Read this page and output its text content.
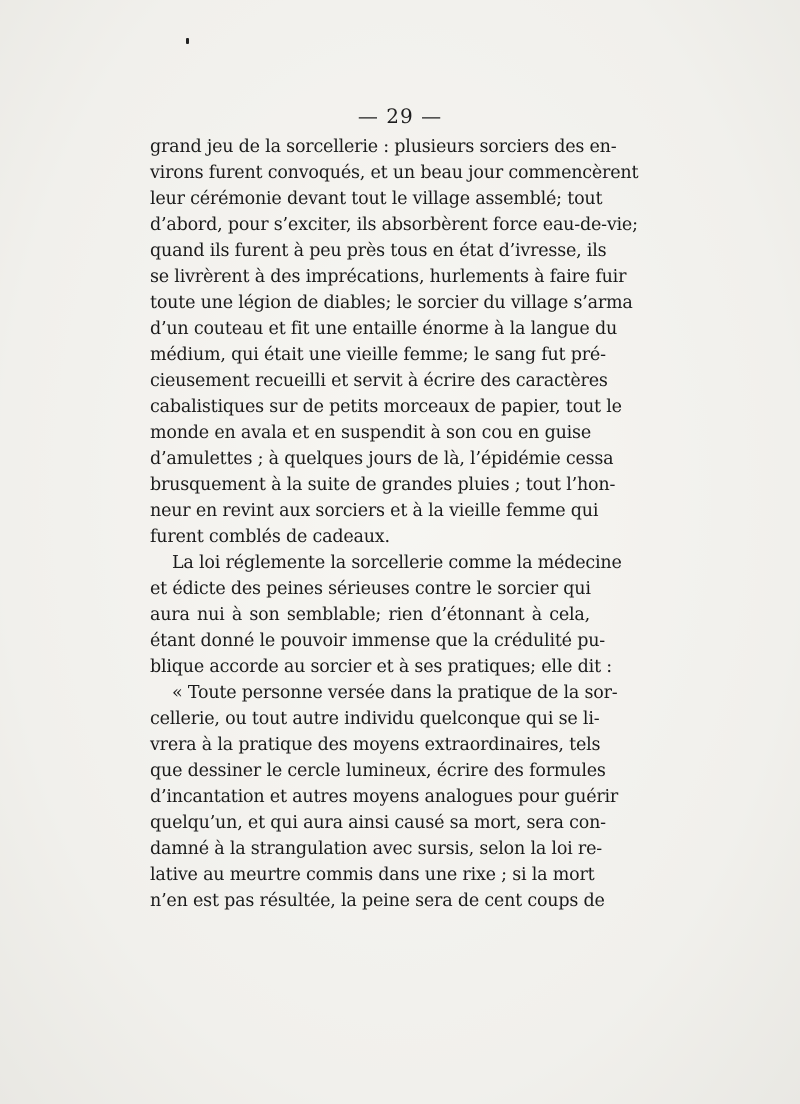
— 29 —
grand jeu de la sorcellerie : plusieurs sorciers des en-
virons furent convoqués, et un beau jour commencèrent
leur cérémonie devant tout le village assemblé; tout
d’abord, pour s’exciter, ils absorbèrent force eau-de-vie;
quand ils furent à peu près tous en état d’ivresse, ils
se livrèrent à des imprécations, hurlements à faire fuir
toute une légion de diables; le sorcier du village s’arma
d’un couteau et fit une entaille énorme à la langue du
médium, qui était une vieille femme; le sang fut pré-
cieusement recueilli et servit à écrire des caractères
cabalistiques sur de petits morceaux de papier, tout le
monde en avala et en suspendit à son cou en guise
d’amulettes ; à quelques jours de là, l’épidémie cessa
brusquement à la suite de grandes pluies ; tout l’hon-
neur en revint aux sorciers et à la vieille femme qui
furent comblés de cadeaux.
La loi réglemente la sorcellerie comme la médecine
et édicte des peines sérieuses contre le sorcier qui
aura nui à son semblable; rien d’étonnant à cela,
étant donné le pouvoir immense que la crédulité pu-
blique accorde au sorcier et à ses pratiques; elle dit :
« Toute personne versée dans la pratique de la sor-
cellerie, ou tout autre individu quelconque qui se li-
vrera à la pratique des moyens extraordinaires, tels
que dessiner le cercle lumineux, écrire des formules
d’incantation et autres moyens analogues pour guérir
quelqu’un, et qui aura ainsi causé sa mort, sera con-
damné à la strangulation avec sursis, selon la loi re-
lative au meurtre commis dans une rixe ; si la mort
n’en est pas résultée, la peine sera de cent coups de
